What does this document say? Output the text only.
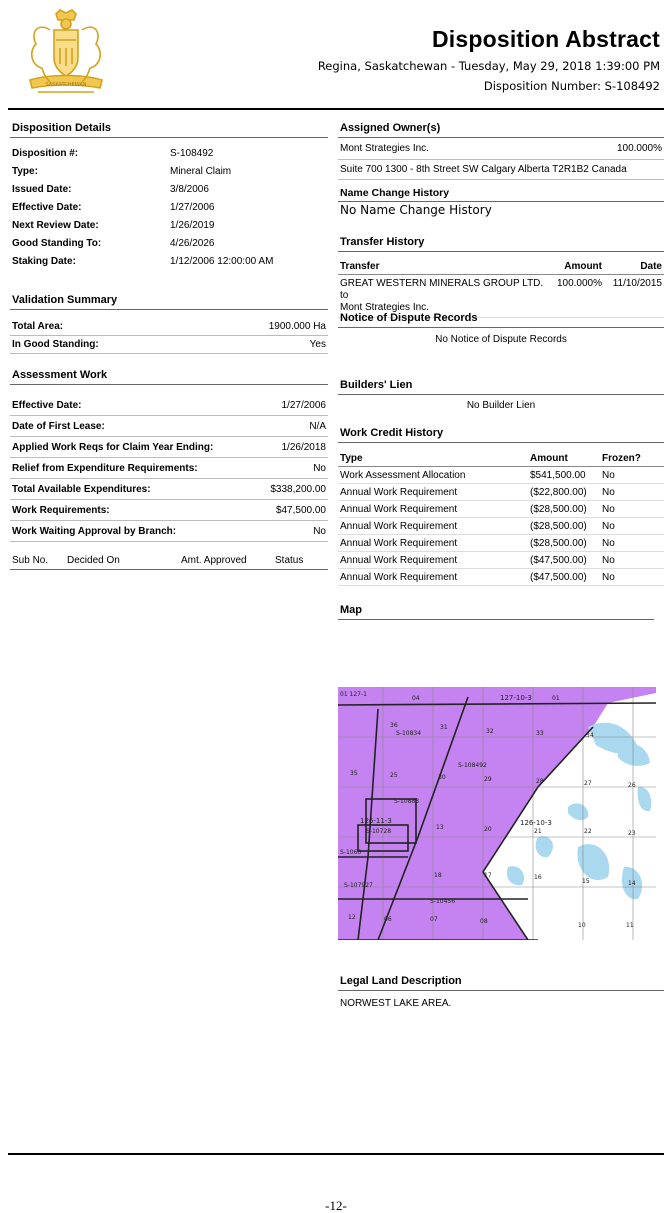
SASKATCHEWAN
Disposition Abstract
Regina, Saskatchewan - Tuesday, May 29, 2018 1:39:00 PM
Disposition Number: S-108492
Disposition Details
Disposition #:	S-108492
Type:	Mineral Claim
Issued Date:	3/8/2006
Effective Date:	1/27/2006
Next Review Date:	1/26/2019
Good Standing To:	4/26/2026
Staking Date:	1/12/2006 12:00:00 AM
Validation Summary
Total Area:	1900.000 Ha
In Good Standing:	Yes
Assessment Work
Effective Date:	1/27/2006
Date of First Lease:	N/A
Applied Work Reqs for Claim Year Ending:	1/26/2018
Relief from Expenditure Requirements:	No
Total Available Expenditures:	$338,200.00
Work Requirements:	$47,500.00
Work Waiting Approval by Branch:	No
Sub No.	Decided On	Amt. Approved	Status
Assigned Owner(s)
Mont Strategies Inc.	100.000%
Suite 700 1300 - 8th Street SW Calgary Alberta T2R1B2 Canada
Name Change History
No Name Change History
Transfer History
Transfer	Amount	Date
GREAT WESTERN MINERALS GROUP LTD. to
Mont Strategies Inc.
100.000%	11/10/2015
Notice of Dispute Records
No Notice of Dispute Records
Builders' Lien
No Builder Lien
Work Credit History
Type	Amount	Frozen?
Work Assessment Allocation	$541,500.00	No
Annual Work Requirement	($22,800.00)	No
Annual Work Requirement	($28,500.00)	No
Annual Work Requirement	($28,500.00)	No
Annual Work Requirement	($28,500.00)	No
Annual Work Requirement	($47,500.00)	No
Annual Work Requirement	($47,500.00)	No
Map
01 127-1
04	127-10-3	01
S-10834
S-108492
S-10883
S-10728
S-1060
S-107927
S-10456
126-11-3	126-10-3
36	31
32	33	34
35	25	30	29	28	27	26
13	20	21	22	23
18	17	16
15	14
12	07	08
10	11
06
Legal Land Description
NORWEST LAKE AREA.
-12-
